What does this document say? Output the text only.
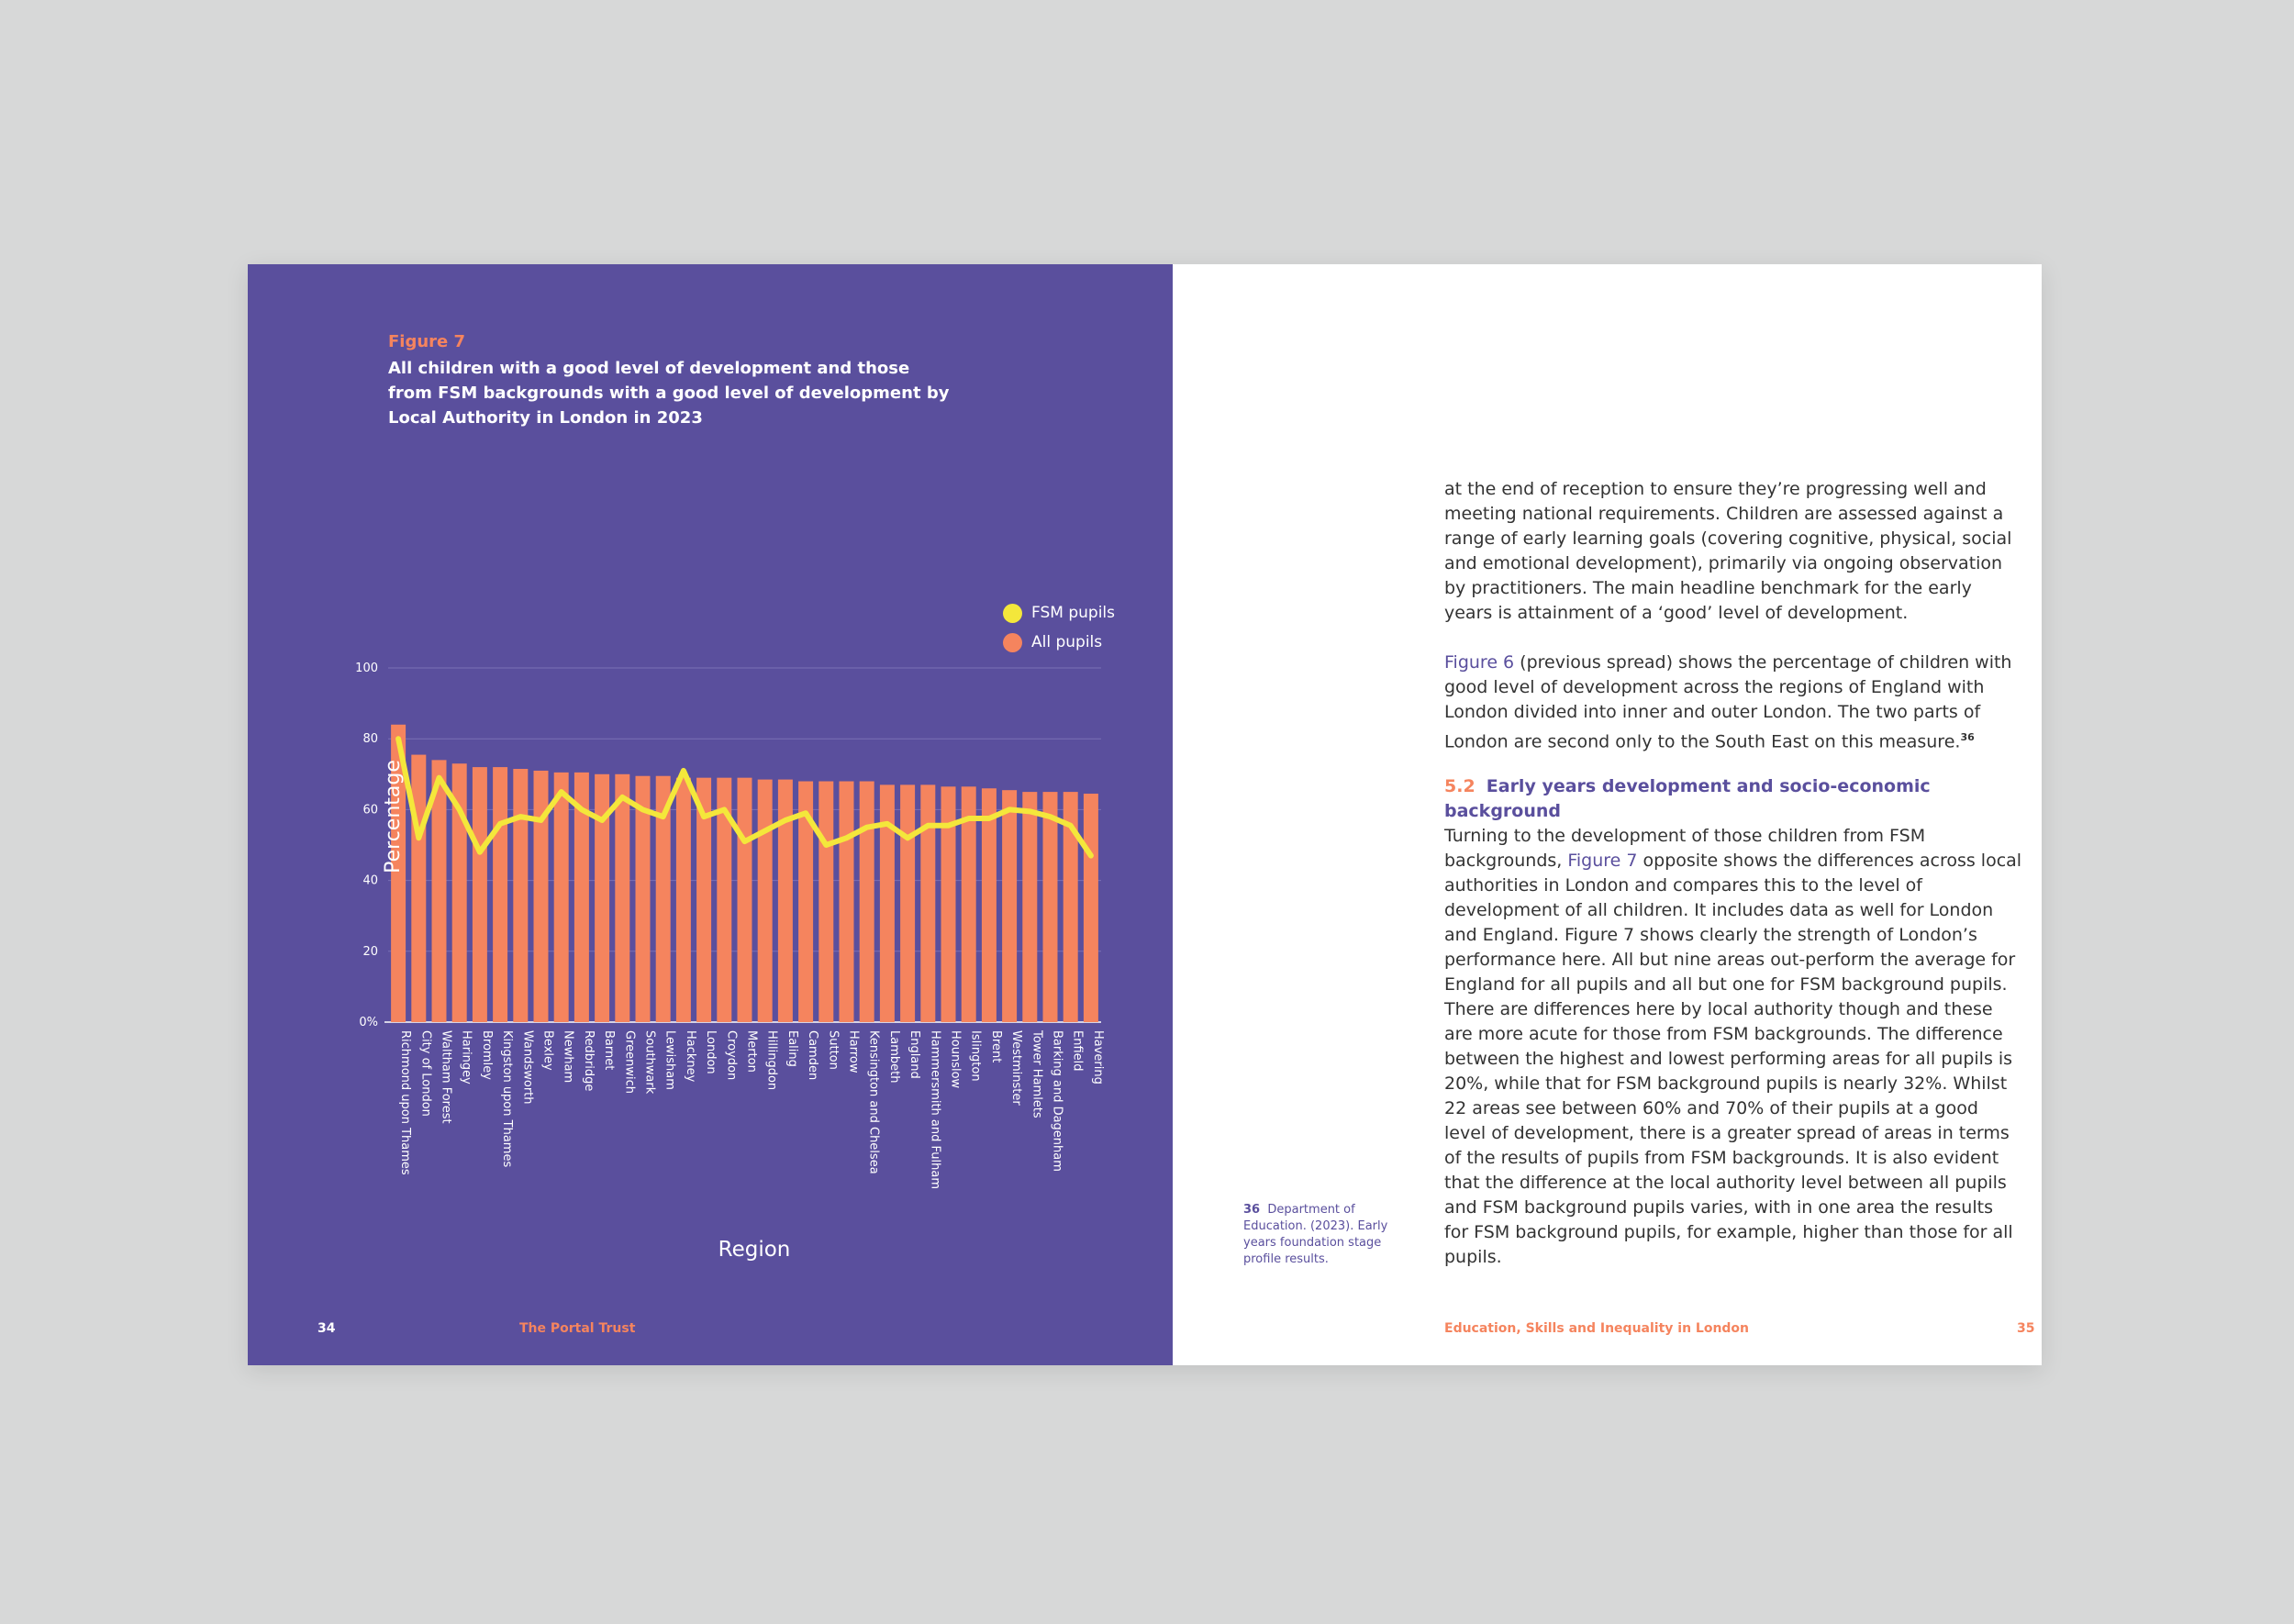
Figure 7
All children with a good level of development and those from FSM backgrounds with a good level of development by Local Authority in London in 2023
0%
20
40
60
80
100
Richmond upon Thames City of London Waltham Forest Haringey Bromley Kingston upon Thames Wandsworth Bexley Newham Redbridge Barnet Greenwich Southwark Lewisham Hackney London Croydon Merton Hillingdon Ealing Camden Sutton Harrow Kensington and Chelsea Lambeth England Hammersmith and Fulham Hounslow Islington Brent Westminster Tower Hamlets Barking and Dagenham Enfield Havering
FSM pupils
All pupils
Percentage
Region
34	The Portal Trust

at the end of reception to ensure they’re progressing well and meeting national requirements. Children are assessed against a range of early learning goals (covering cognitive, physical, social and emotional development), primarily via ongoing observation by practitioners. The main headline benchmark for the early years is attainment of a ‘good’ level of development.

Figure 6 (previous spread) shows the percentage of children with good level of development across the regions of England with London divided into inner and outer London. The two parts of London are second only to the South East on this measure.$^{36}$

5.2 Early years development and socio-economic background

Turning to the development of those children from FSM backgrounds, Figure 7 opposite shows the differences across local authorities in London and compares this to the level of development of all children. It includes data as well for London and England. Figure 7 shows clearly the strength of London’s performance here. All but nine areas out-perform the average for England for all pupils and all but one for FSM background pupils.

There are differences here by local authority though and these are more acute for those from FSM backgrounds. The difference between the highest and lowest performing areas for all pupils is 20%, while that for FSM background pupils is nearly 32%. Whilst 22 areas see between 60% and 70% of their pupils at a good level of development, there is a greater spread of areas in terms of the results of pupils from FSM backgrounds. It is also evident that the difference at the local authority level between all pupils and FSM background pupils varies, with in one area the results for FSM background pupils, for example, higher than those for all pupils.

36 Department of Education. (2023). Early years foundation stage profile results.
Education, Skills and Inequality in London	35
